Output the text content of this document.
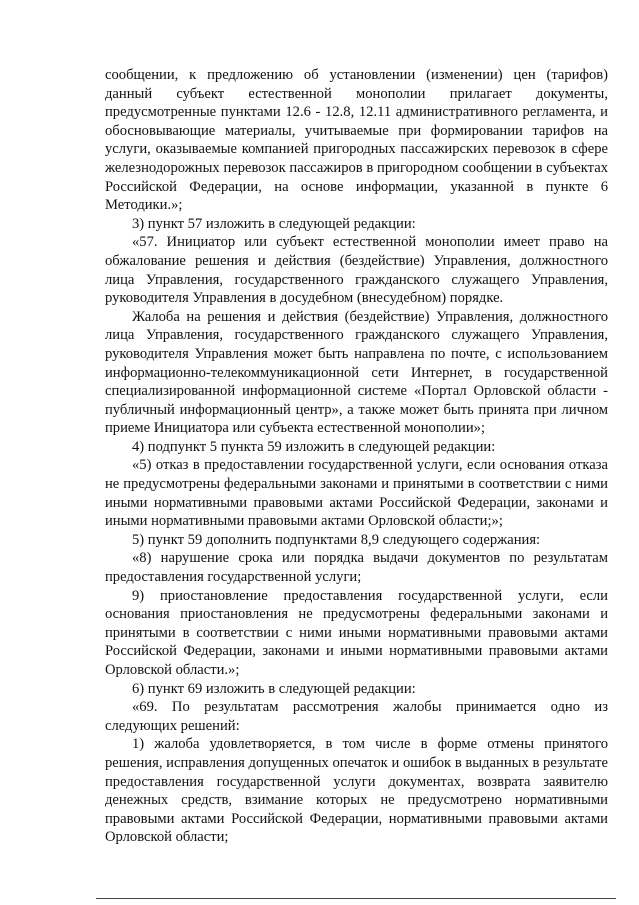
сообщении, к предложению об установлении (изменении) цен (тарифов) данный субъект естественной монополии прилагает документы, предусмотренные пунктами 12.6 - 12.8, 12.11 административного регламента, и обосновывающие материалы, учитываемые при формировании тарифов на услуги, оказываемые компанией пригородных пассажирских перевозок в сфере железнодорожных перевозок пассажиров в пригородном сообщении в субъектах Российской Федерации, на основе информации, указанной в пункте 6 Методики.»;

3) пункт 57 изложить в следующей редакции:

«57. Инициатор или субъект естественной монополии имеет право на обжалование решения и действия (бездействие) Управления, должностного лица Управления, государственного гражданского служащего Управления, руководителя Управления в досудебном (внесудебном) порядке.

Жалоба на решения и действия (бездействие) Управления, должностного лица Управления, государственного гражданского служащего Управления, руководителя Управления может быть направлена по почте, с использованием информационно-телекоммуникационной сети Интернет, в государственной специализированной информационной системе «Портал Орловской области - публичный информационный центр», а также может быть принята при личном приеме Инициатора или субъекта естественной монополии»;

4) подпункт 5 пункта 59 изложить в следующей редакции:

«5) отказ в предоставлении государственной услуги, если основания отказа не предусмотрены федеральными законами и принятыми в соответствии с ними иными нормативными правовыми актами Российской Федерации, законами и иными нормативными правовыми актами Орловской области;»;

5) пункт 59 дополнить подпунктами 8,9 следующего содержания:

«8) нарушение срока или порядка выдачи документов по результатам предоставления государственной услуги;

9) приостановление предоставления государственной услуги, если основания приостановления не предусмотрены федеральными законами и принятыми в соответствии с ними иными нормативными правовыми актами Российской Федерации, законами и иными нормативными правовыми актами Орловской области.»;

6) пункт 69 изложить в следующей редакции:

«69. По результатам рассмотрения жалобы принимается одно из следующих решений:

1) жалоба удовлетворяется, в том числе в форме отмены принятого решения, исправления допущенных опечаток и ошибок в выданных в результате предоставления государственной услуги документах, возврата заявителю денежных средств, взимание которых не предусмотрено нормативными правовыми актами Российской Федерации, нормативными правовыми актами Орловской области;
